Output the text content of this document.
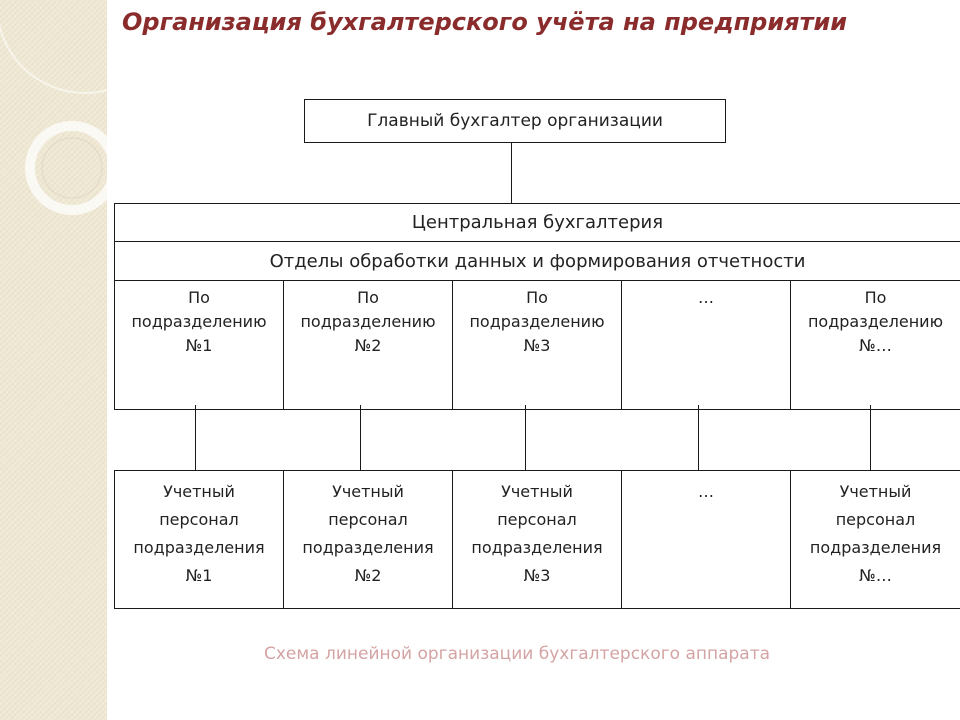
Организация бухгалтерского учёта на предприятии
Главный бухгалтер организации
Центральная бухгалтерия
Отделы обработки данных и формирования отчетности
По
подразделению
№1
По
подразделению
№2
По
подразделению
№3
…	По
подразделению
№…
Учетный
персонал
подразделения
№1
Учетный
персонал
подразделения
№2
Учетный
персонал
подразделения
№3
…	Учетный
персонал
подразделения
№…
Схема линейной организации бухгалтерского аппарата
